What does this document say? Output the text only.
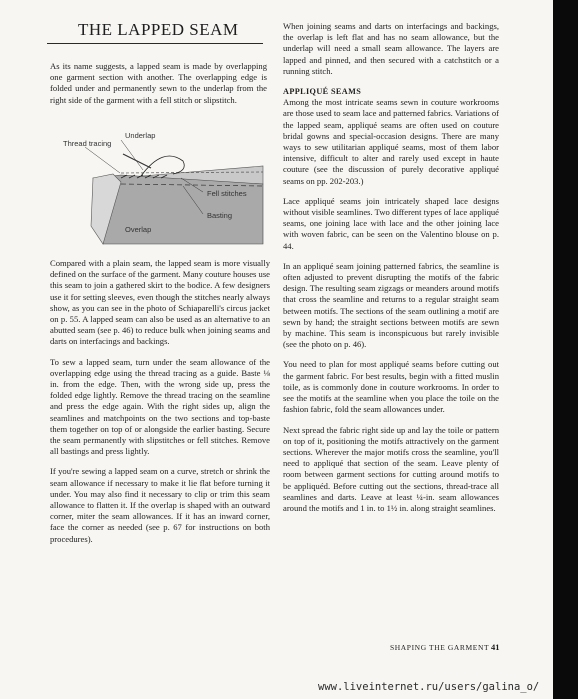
THE LAPPED SEAM

As its name suggests, a lapped seam is made by overlapping one garment section with another. The overlapping edge is folded under and permanently sewn to the underlap from the right side of the garment with a fell stitch or slipstitch.

Underlap
Thread tracing
Fell stitches
Basting
Overlap

Compared with a plain seam, the lapped seam is more visually defined on the surface of the garment. Many couture houses use this seam to join a gathered skirt to the bodice. A few designers use it for setting sleeves, even though the stitches nearly always show, as you can see in the photo of Schiaparelli's circus jacket on p. 55. A lapped seam can also be used as an alternative to an abutted seam (see p. 46) to reduce bulk when joining seams and darts on interfacings and backings.

To sew a lapped seam, turn under the seam allowance of the overlapping edge using the thread tracing as a guide. Baste ⅛ in. from the edge. Then, with the wrong side up, press the folded edge lightly. Remove the thread tracing on the seamline and press the edge again. With the right sides up, align the seamlines and matchpoints on the two sections and top-baste them together on top of or alongside the earlier basting. Secure the seam permanently with slipstitches or fell stitches. Remove all bastings and press lightly.

If you're sewing a lapped seam on a curve, stretch or shrink the seam allowance if necessary to make it lie flat before turning it under. You may also find it necessary to clip or trim this seam allowance to flatten it. If the overlap is shaped with an outward corner, miter the seam allowances. If it has an inward corner, face the corner as needed (see p. 67 for instructions on both procedures).

When joining seams and darts on interfacings and backings, the overlap is left flat and has no seam allowance, but the underlap will need a small seam allowance. The layers are lapped and pinned, and then secured with a catchstitch or a running stitch.

APPLIQUÉ SEAMS

Among the most intricate seams sewn in couture workrooms are those used to seam lace and patterned fabrics. Variations of the lapped seam, appliqué seams are often used on couture bridal gowns and special-occasion designs. There are many ways to sew utilitarian appliqué seams, most of them labor intensive, difficult to alter and rarely used except in haute couture (see the discussion of purely decorative appliqué seams on pp. 202-203.)

Lace appliqué seams join intricately shaped lace designs without visible seamlines. Two different types of lace appliqué seams, one joining lace with lace and the other joining lace with woven fabric, can be seen on the Valentino blouse on p. 44.

In an appliqué seam joining patterned fabrics, the seamline is often adjusted to prevent disrupting the motifs of the fabric design. The resulting seam zigzags or meanders around motifs that cross the seamline and returns to a regular straight seam between motifs. The sections of the seam outlining a motif are sewn by hand; the straight sections between motifs are sewn by machine. This seam is inconspicuous but rarely invisible (see the photo on p. 46).

You need to plan for most appliqué seams before cutting out the garment fabric. For best results, begin with a fitted muslin toile, as is commonly done in couture workrooms. In order to see the motifs at the seamline when you place the toile on the fashion fabric, fold the seam allowances under.

Next spread the fabric right side up and lay the toile or pattern on top of it, positioning the motifs attractively on the garment sections. Wherever the major motifs cross the seamline, you'll need to appliqué that section of the seam. Leave plenty of room between garment sections for cutting around motifs to be appliquéd. Before cutting out the sections, thread-trace all seamlines and darts. Leave at least ¼-in. seam allowances around the motifs and 1 in. to 1½ in. along straight seamlines.

SHAPING THE GARMENT 41
www.liveinternet.ru/users/galina_o/
